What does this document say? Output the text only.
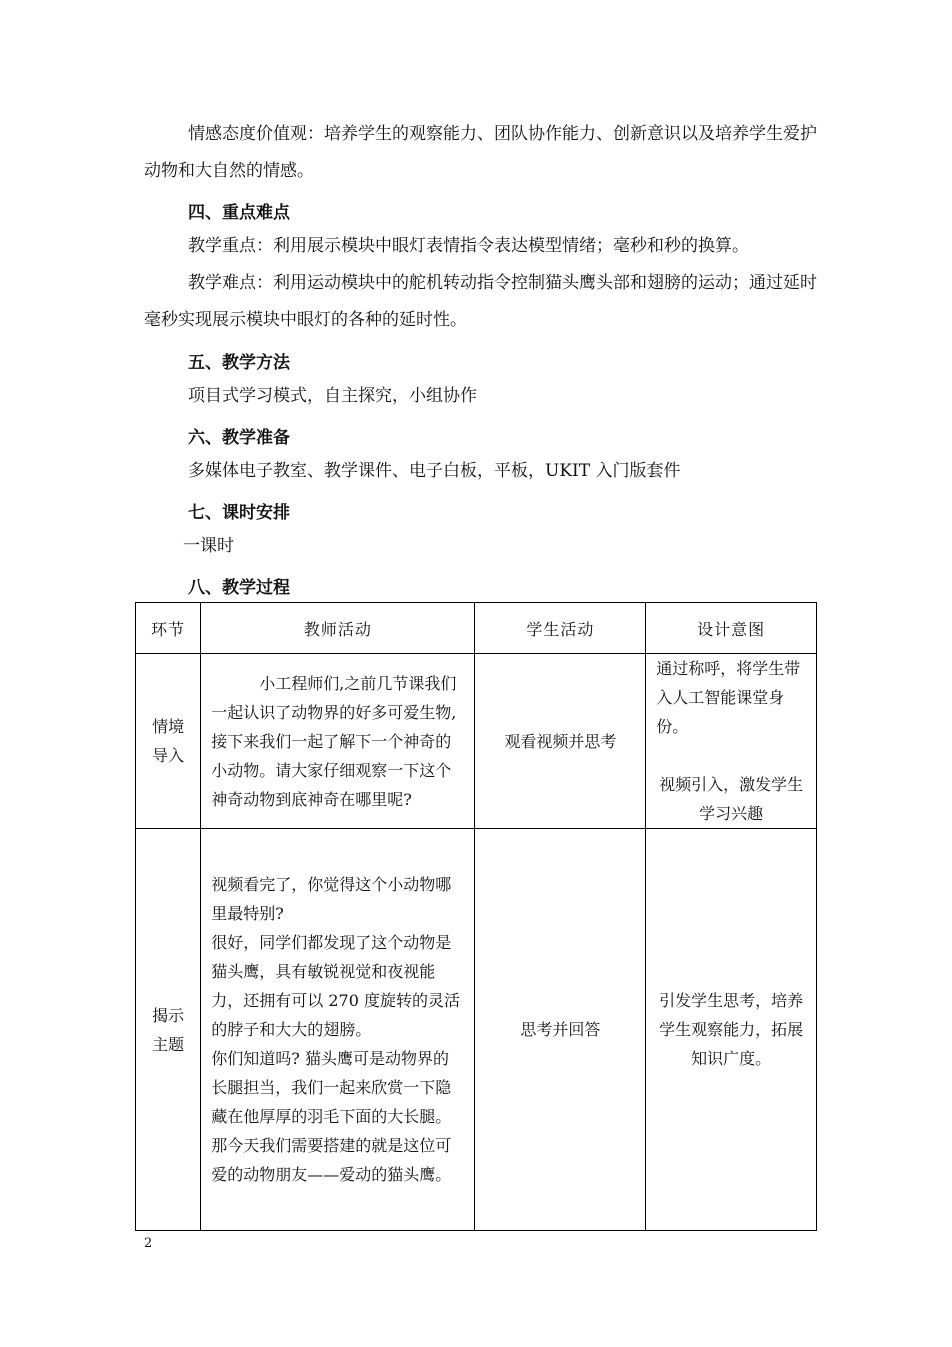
情感态度价值观：培养学生的观察能力、团队协作能力、创新意识以及培养学生爱护动物和大自然的情感。

四、重点难点

教学重点：利用展示模块中眼灯表情指令表达模型情绪；毫秒和秒的换算。

教学难点：利用运动模块中的舵机转动指令控制猫头鹰头部和翅膀的运动；通过延时毫秒实现展示模块中眼灯的各种的延时性。

五、教学方法

项目式学习模式，自主探究，小组协作

六、教学准备

多媒体电子教室、教学课件、电子白板，平板，UKIT 入门版套件

七、课时安排

一课时

八、教学过程

环节	教师活动	学生活动	设计意图
情境导入	小工程师们,之前几节课我们一起认识了动物界的好多可爱生物,接下来我们一起了解下一个神奇的小动物。请大家仔细观察一下这个神奇动物到底神奇在哪里呢?	观看视频并思考	通过称呼，将学生带入人工智能课堂身份。
视频引入，激发学生学习兴趣

揭示主题	视频看完了，你觉得这个小动物哪里最特别?
很好，同学们都发现了这个动物是猫头鹰，具有敏锐视觉和夜视能力，还拥有可以 270 度旋转的灵活的脖子和大大的翅膀。
你们知道吗? 猫头鹰可是动物界的长腿担当，我们一起来欣赏一下隐藏在他厚厚的羽毛下面的大长腿。
那今天我们需要搭建的就是这位可爱的动物朋友——爱动的猫头鹰。	思考并回答	引发学生思考，培养学生观察能力，拓展知识广度。
2
